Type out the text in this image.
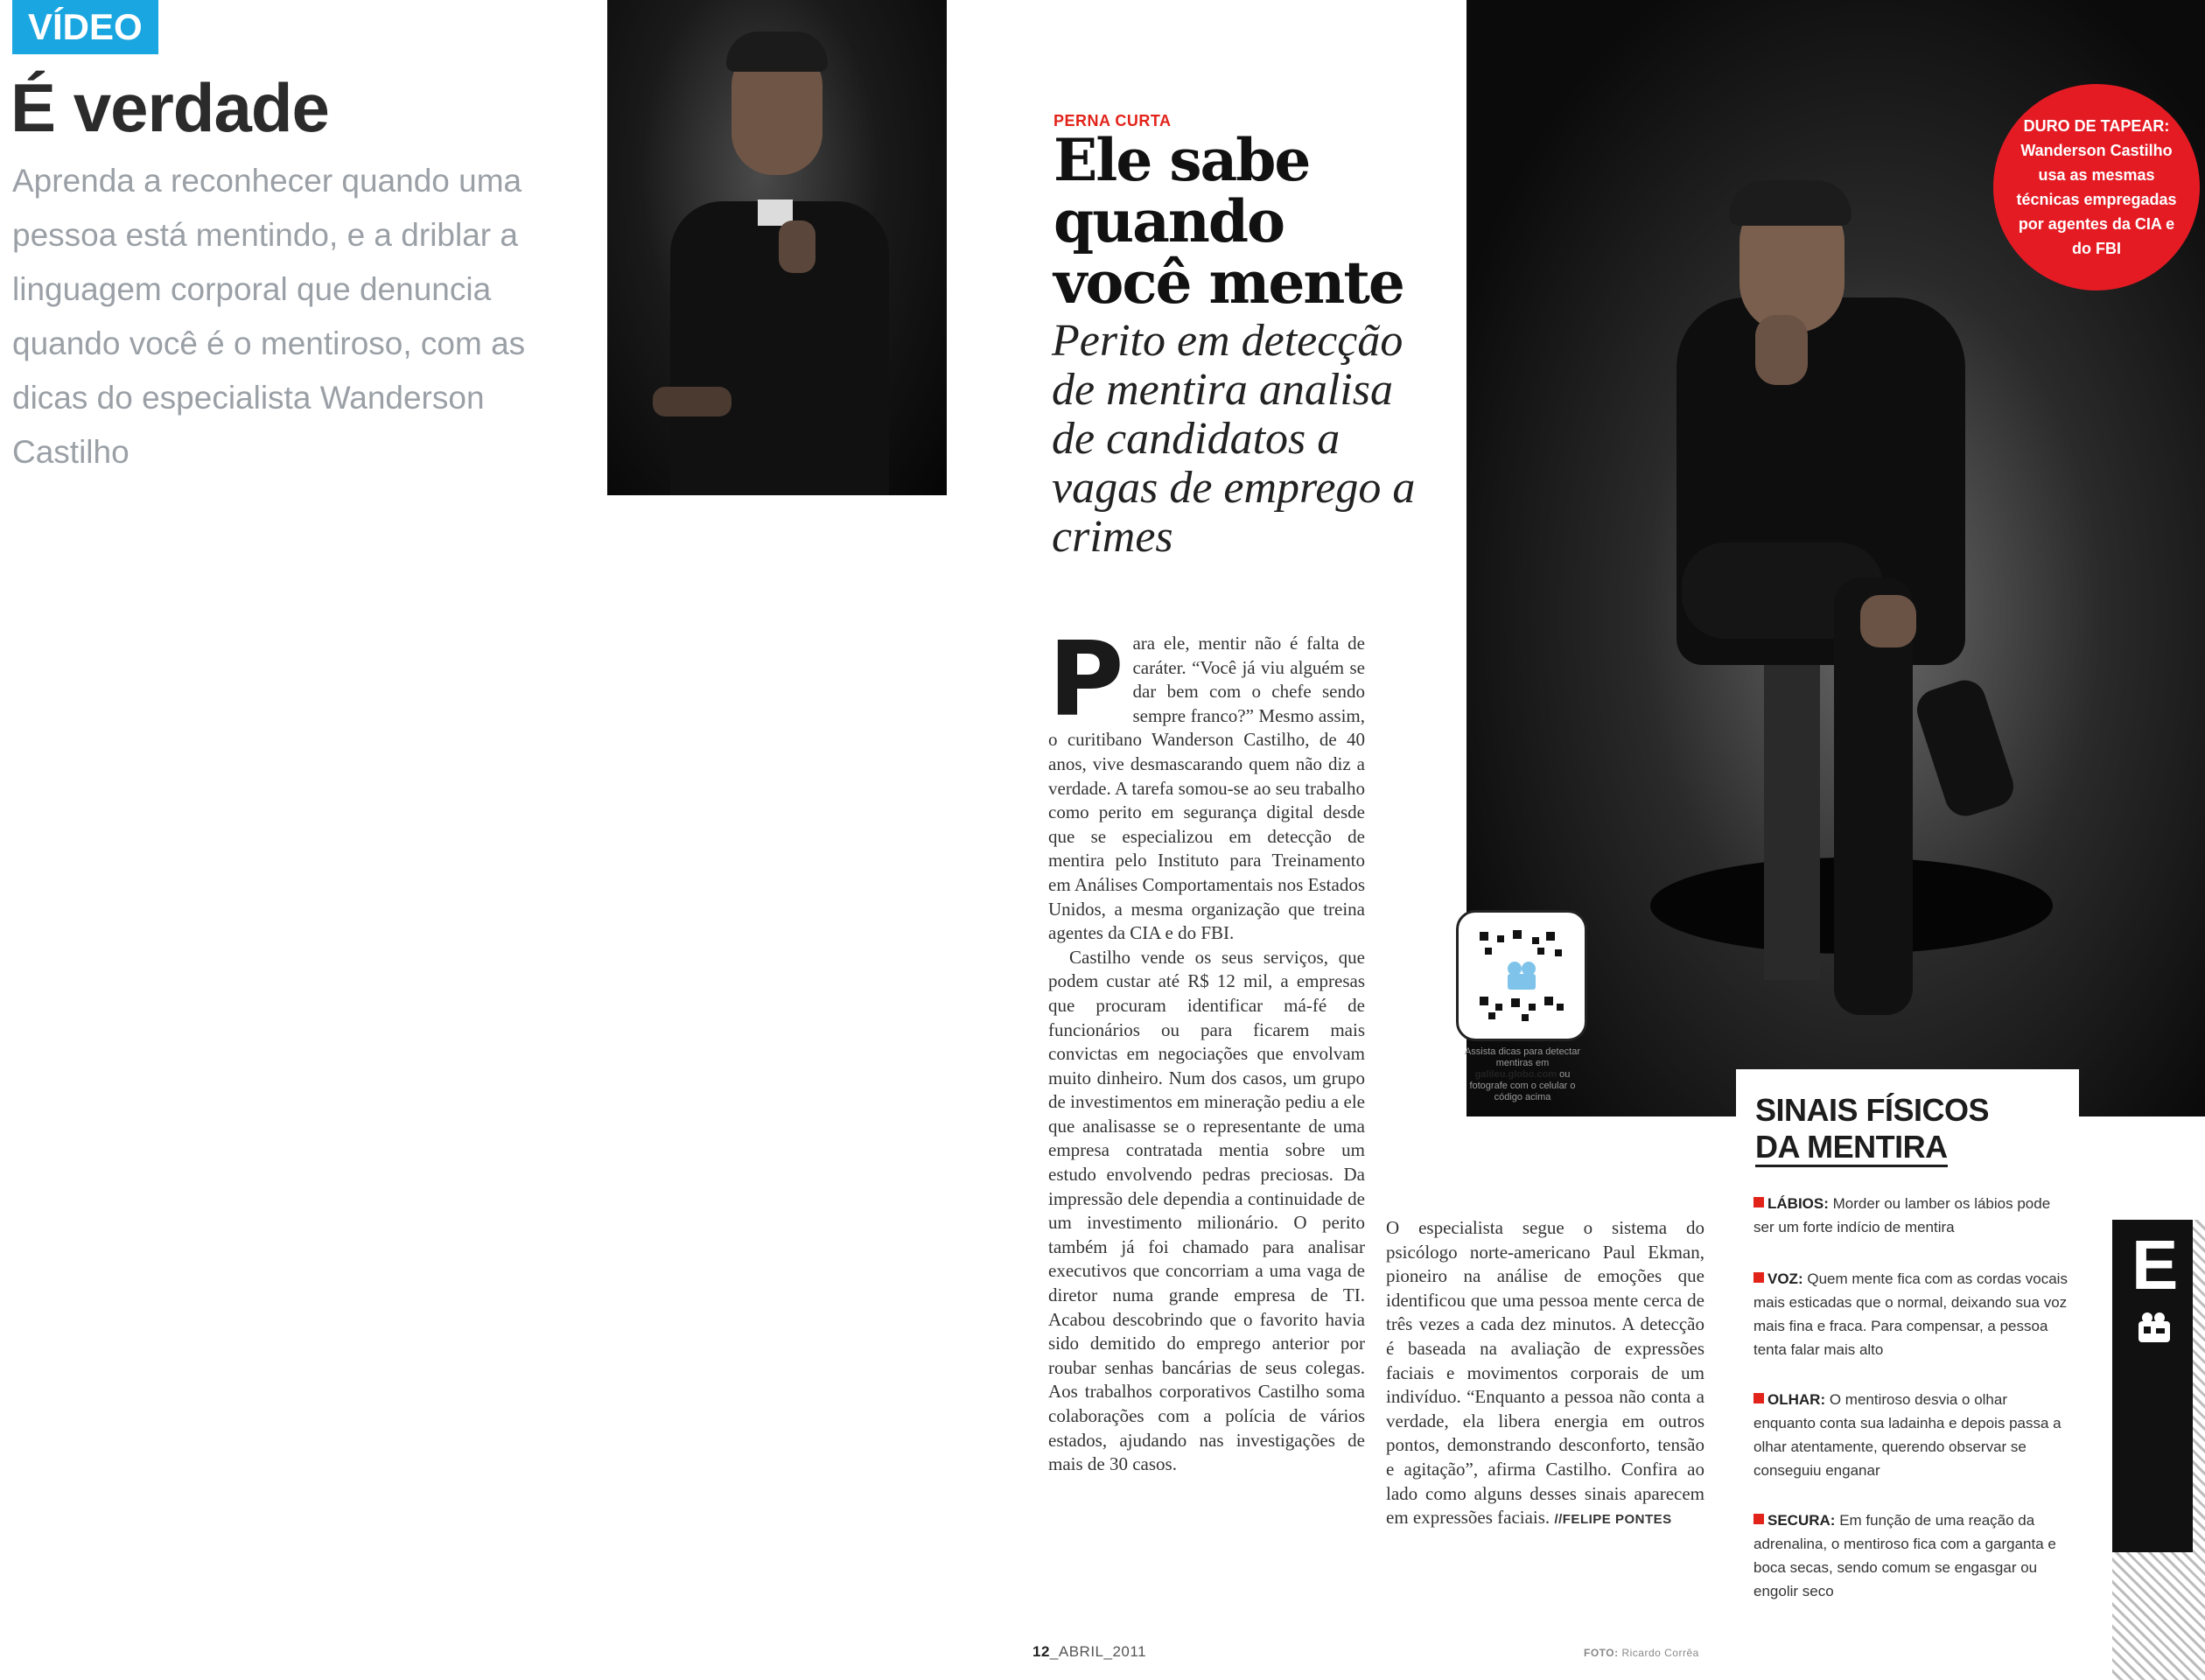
VÍDEO
É verdade
Aprenda a reconhecer quando uma pessoa está mentindo, e a driblar a linguagem corporal que denuncia quando você é o mentiroso, com as dicas do especialista Wanderson Castilho
DURO DE TAPEAR: Wanderson Castilho usa as mesmas técnicas empregadas por agentes da CIA e do FBI
PERNA CURTA
Ele sabe quando você mente
Perito em detecção de mentira analisa de candidatos a vagas de emprego a crimes
P ara ele, mentir não é falta de caráter. “Você já viu alguém se dar bem com o chefe sendo sempre franco?” Mesmo assim, o curitibano Wanderson Castilho, de 40 anos, vive desmascarando quem não diz a verdade. A tarefa somou-se ao seu trabalho como perito em segurança digital desde que se especializou em detecção de mentira pelo Instituto para Treinamento em Análises Comportamentais nos Estados Unidos, a mesma organização que treina agentes da CIA e do FBI.

Castilho vende os seus serviços, que podem custar até R$ 12 mil, a empresas que procuram identificar má-fé de funcionários ou para ficarem mais convictas em negociações que envolvam muito dinheiro. Num dos casos, um grupo de investimentos em mineração pediu a ele que analisasse se o representante de uma empresa contratada mentia sobre um estudo envolvendo pedras preciosas. Da impressão dele dependia a continuidade de um investimento milionário. O perito também já foi chamado para analisar executivos que concorriam a uma vaga de diretor numa grande empresa de TI. Acabou descobrindo que o favorito havia sido demitido do emprego anterior por roubar senhas bancárias de seus colegas. Aos trabalhos corporativos Castilho soma colaborações com a polícia de vários estados, ajudando nas investigações de mais de 30 casos.

O especialista segue o sistema do psicólogo norte-americano Paul Ekman, pioneiro na análise de emoções que identificou que uma pessoa mente cerca de três vezes a cada dez minutos. A detecção é baseada na avaliação de expressões faciais e movimentos corporais de um indivíduo. “Enquanto a pessoa não conta a verdade, ela libera energia em outros pontos, demonstrando desconforto, tensão e agitação”, afirma Castilho. Confira ao lado como alguns desses sinais aparecem em expressões faciais. //FELIPE PONTES
Assista dicas para detectar mentiras em galileu.globo.com ou fotografe com o celular o código acima	SINAIS FÍSICOS
DA MENTIRA
LÁBIOS: Morder ou lamber os lábios pode ser um forte indício de mentira
VOZ: Quem mente fica com as cordas vocais mais esticadas que o normal, deixando sua voz mais fina e fraca. Para compensar, a pessoa tenta falar mais alto
OLHAR: O mentiroso desvia o olhar enquanto conta sua ladainha e depois passa a olhar atentamente, querendo observar se conseguiu enganar
SECURA: Em função de uma reação da adrenalina, o mentiroso fica com a garganta e boca secas, sendo comum se engasgar ou engolir seco
E
12_ABRIL_2011	FOTO: Ricardo Corrêa
